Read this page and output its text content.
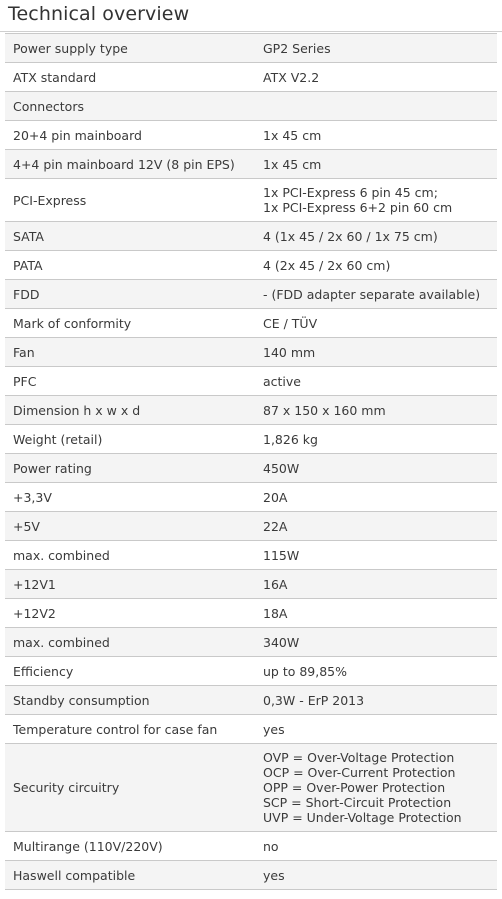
Technical overview
Power supply type	GP2 Series
ATX standard	ATX V2.2
Connectors	
20+4 pin mainboard	1x 45 cm
4+4 pin mainboard 12V (8 pin EPS)	1x 45 cm
PCI-Express	1x PCI-Express 6 pin 45 cm;
1x PCI-Express 6+2 pin 60 cm

SATA	4 (1x 45 / 2x 60 / 1x 75 cm)
PATA	4 (2x 45 / 2x 60 cm)
FDD	- (FDD adapter separate available)
Mark of conformity	CE / TÜV
Fan	140 mm
PFC	active
Dimension h x w x d	87 x 150 x 160 mm
Weight (retail)	1,826 kg
Power rating	450W
+3,3V	20A
+5V	22A
max. combined	115W
+12V1	16A
+12V2	18A
max. combined	340W
Efficiency	up to 89,85%
Standby consumption	0,3W - ErP 2013
Temperature control for case fan	yes
Security circuitry	OVP = Over-Voltage Protection
OCP = Over-Current Protection
OPP = Over-Power Protection
SCP = Short-Circuit Protection
UVP = Under-Voltage Protection

Multirange (110V/220V)	no
Haswell compatible	yes
